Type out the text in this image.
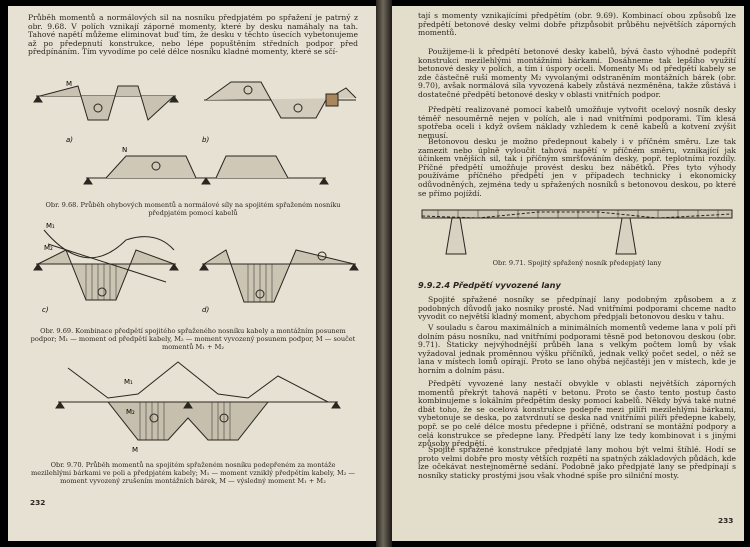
Průběh momentů a normálových sil na nosníku předpjatém po spřažení je patrný z obr. 9.68. V polích vznikají záporné momenty, které by desku namáhaly na tah. Tahové napětí můžeme eliminovat buď tím, že desku v těchto úsecích vybetonujeme až po předepnutí konstrukce, nebo lépe popuštěním středních podpor před předpínáním. Tím vyvodíme po celé délce nosníku kladné momenty, které se sčí-

M
a)	b)
N

Obr. 9.68. Průběh ohybových momentů a normálové síly na spojitém spřaženém nosníku předpjatém pomocí kabelů

M₁
M₂
c)	d)

Obr. 9.69. Kombinace předpětí spojitého spřaženého nosníku kabely a montážním posunem podpor; M₁ — moment od předpětí kabely, M₂ — moment vyvozený posunem podpor, M — součet momentů M₁ + M₂

M₁
M₂
M

Obr. 9.70. Průběh momentů na spojitém spřaženém nosníku podepřeném za montáže mezilehlými bárkami ve poli a předpjatém kabely; M₁ — moment vzniklý předpětím kabely, M₂ — moment vyvozený zrušením montážních bárek, M — výsledný moment M₁ + M₂

232

tají s momenty vznikajícími předpětím (obr. 9.69). Kombinací obou způsobů lze předpětí betonové desky velmi dobře přizpůsobit průběhu největších záporných momentů.

Použijeme-li k předpětí betonové desky kabelů, bývá často výhodné podepřít konstrukci mezilehlými montážními bárkami. Dosáhneme tak lepšího využití betonové desky v polích, a tím i úspory oceli. Momenty M₁ od předpětí kabely se zde částečně ruší momenty M₂ vyvolanými odstraněním montážních bárek (obr. 9.70), avšak normálová síla vyvozená kabely zůstává nezměněna, takže zůstává i dostatečné předpětí betonové desky v oblasti vnitřních podpor.

Předpětí realizované pomocí kabelů umožňuje vytvořit ocelový nosník desky téměř nesouměrně nejen v polích, ale i nad vnitřními podporami. Tím klesá spotřeba oceli i když ovšem náklady vzhledem k ceně kabelů a kotvení zvýšit nemusí.

Betonovou desku je možno předepnout kabely i v příčném směru. Lze tak zamezit nebo úplně vyloučit tahová napětí v příčném směru, vznikající jak účinkem vnějších sil, tak i příčným smršťováním desky, popř. teplotními rozdíly. Příčné předpětí umožňuje provést desku bez nábětků. Přes tyto výhody používáme příčného předpětí jen v případech technicky i ekonomicky odůvodněných, zejména tedy u spřažených nosníků s betonovou deskou, po které se přímo pojíždí.

Obr. 9.71. Spojitý spřažený nosník předepjatý lany

9.9.2.4 Předpětí vyvozené lany

Spojité spřažené nosníky se předpínají lany podobným způsobem a z podobných důvodů jako nosníky prosté. Nad vnitřními podporami chceme nadto vyvodit co největší kladný moment, abychom předpjali betonovou desku v tahu.

V souladu s čarou maximálních a minimálních momentů vedeme lana v polí při dolním pásu nosníku, nad vnitřními podporami těsně pod betonovou deskou (obr. 9.71). Staticky nejvýhodnější průběh lana s velkým počtem lomů by však vyžadoval jednak proměnnou výšku příčníků, jednak velký počet sedel, o něž se lana v místech lomů opírají. Proto se lano ohýbá nejčastěji jen v místech, kde je horním a dolním pásu.

Předpětí vyvozené lany nestačí obvykle v oblasti největších záporných momentů překrýt tahová napětí v betonu. Proto se často tento postup často kombinujeme s lokálním předpětím desky pomocí kabelů. Někdy bývá také nutné dbát toho, že se ocelová konstrukce podepře mezi pilíři mezilehlými bárkami, vybetonuje se deska, po zatvrdnutí se deska nad vnitřními pilíři předepne kabely, popř. se po celé délce mostu předepne i příčně, odstraní se montážní podpory a celá konstrukce se předepne lany. Předpětí lany lze tedy kombinovat i s jinými způsoby předpětí.

Spojité spřažené konstrukce předpjaté lany mohou být velmi štíhlé. Hodí se proto velmi dobře pro mosty větších rozpětí na spatných základových půdách, kde lze očekávat nestejnoměrné sedání. Podobně jako předpjaté lany se předpínají s nosníky staticky prostými jsou však vhodné spíše pro silniční mosty.

233
